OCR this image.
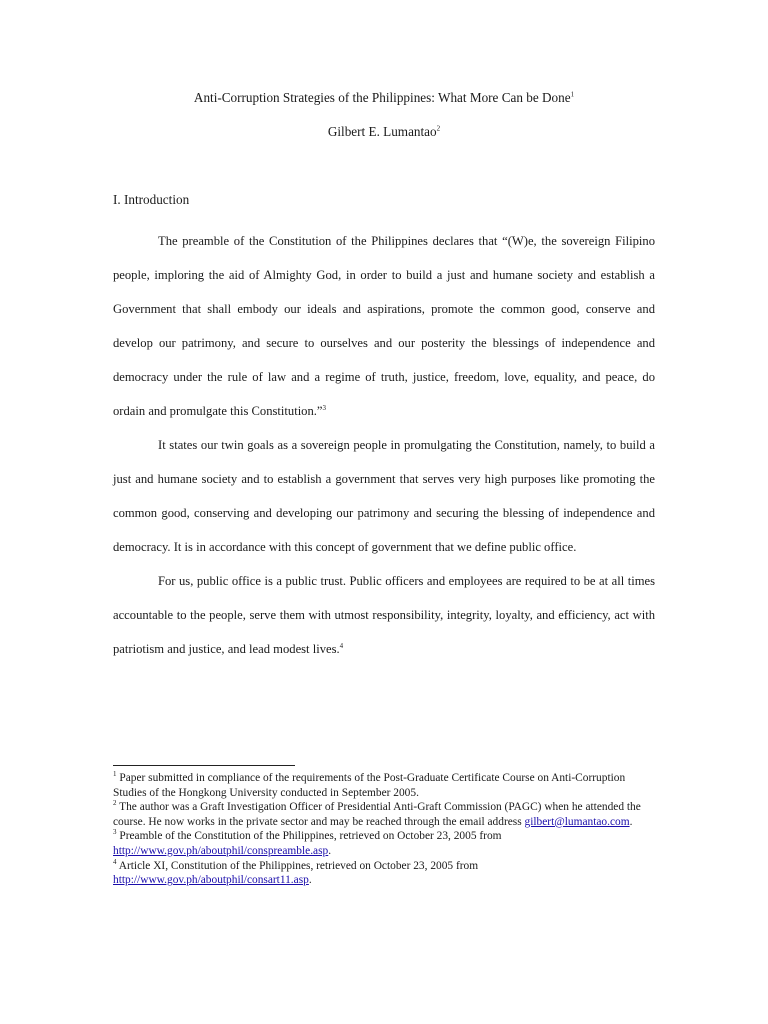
Anti-Corruption Strategies of the Philippines: What More Can be Done$^1$
Gilbert E. Lumantao$^2$
I. Introduction

The preamble of the Constitution of the Philippines declares that “(W)e, the sovereign Filipino people, imploring the aid of Almighty God, in order to build a just and humane society and establish a Government that shall embody our ideals and aspirations, promote the common good, conserve and develop our patrimony, and secure to ourselves and our posterity the blessings of independence and democracy under the rule of law and a regime of truth, justice, freedom, love, equality, and peace, do ordain and promulgate this Constitution.”$^3$

It states our twin goals as a sovereign people in promulgating the Constitution, namely, to build a just and humane society and to establish a government that serves very high purposes like promoting the common good, conserving and developing our patrimony and securing the blessing of independence and democracy. It is in accordance with this concept of government that we define public office.

For us, public office is a public trust. Public officers and employees are required to be at all times accountable to the people, serve them with utmost responsibility, integrity, loyalty, and efficiency, act with patriotism and justice, and lead modest lives.$^4$

$^1$ Paper submitted in compliance of the requirements of the Post-Graduate Certificate Course on Anti-Corruption Studies of the Hongkong University conducted in September 2005.
$^2$ The author was a Graft Investigation Officer of Presidential Anti-Graft Commission (PAGC) when he attended the course. He now works in the private sector and may be reached through the email address gilbert@lumantao.com.
$^3$ Preamble of the Constitution of the Philippines, retrieved on October 23, 2005 from http://www.gov.ph/aboutphil/conspreamble.asp.
$^4$ Article XI, Constitution of the Philippines, retrieved on October 23, 2005 from http://www.gov.ph/aboutphil/consart11.asp.
